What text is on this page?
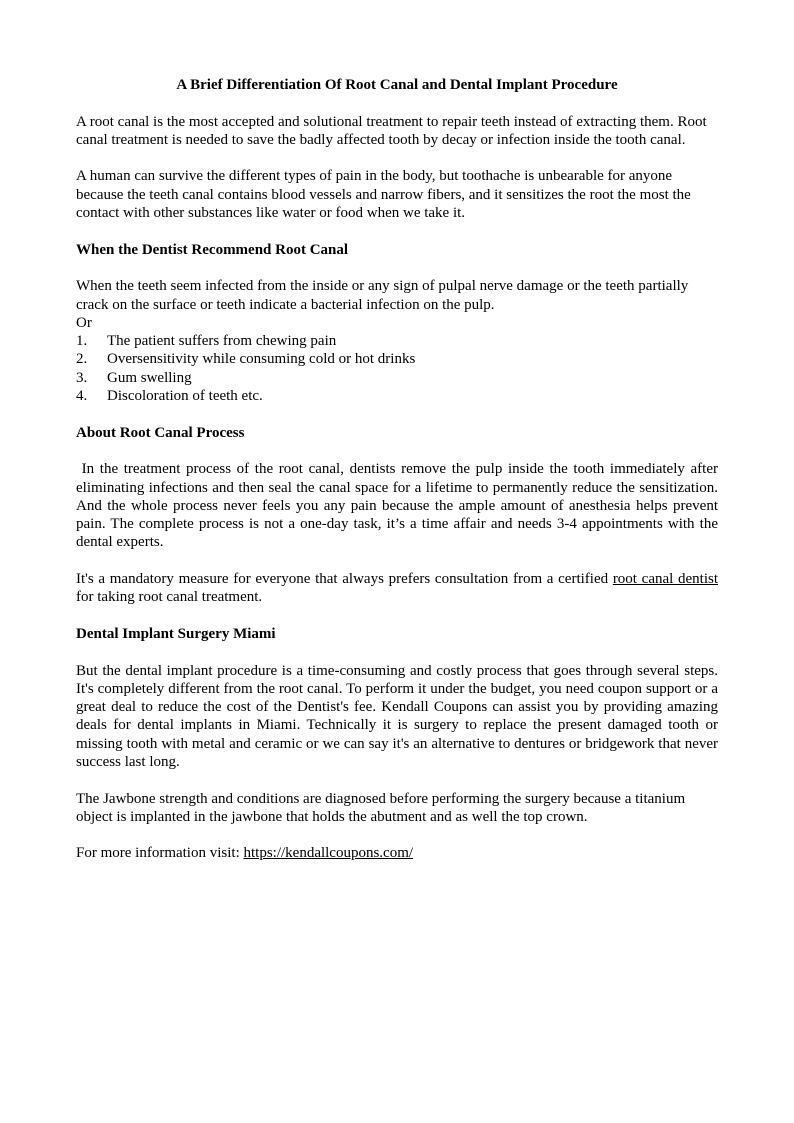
A Brief Differentiation Of Root Canal and Dental Implant Procedure

A root canal is the most accepted and solutional treatment to repair teeth instead of extracting them. Root canal treatment is needed to save the badly affected tooth by decay or infection inside the tooth canal.

A human can survive the different types of pain in the body, but toothache is unbearable for anyone because the teeth canal contains blood vessels and narrow fibers, and it sensitizes the root the most the contact with other substances like water or food when we take it.

When the Dentist Recommend Root Canal

When the teeth seem infected from the inside or any sign of pulpal nerve damage or the teeth partially crack on the surface or teeth indicate a bacterial infection on the pulp.

Or

1.	The patient suffers from chewing pain
2.	Oversensitivity while consuming cold or hot drinks
3.	Gum swelling
4.	Discoloration of teeth etc.

About Root Canal Process

In the treatment process of the root canal, dentists remove the pulp inside the tooth immediately after eliminating infections and then seal the canal space for a lifetime to permanently reduce the sensitization. And the whole process never feels you any pain because the ample amount of anesthesia helps prevent pain. The complete process is not a one-day task, it’s a time affair and needs 3-4 appointments with the dental experts.

It's a mandatory measure for everyone that always prefers consultation from a certified root canal dentist for taking root canal treatment.

Dental Implant Surgery Miami

But the dental implant procedure is a time-consuming and costly process that goes through several steps. It's completely different from the root canal. To perform it under the budget, you need coupon support or a great deal to reduce the cost of the Dentist's fee. Kendall Coupons can assist you by providing amazing deals for dental implants in Miami. Technically it is surgery to replace the present damaged tooth or missing tooth with metal and ceramic or we can say it's an alternative to dentures or bridgework that never success last long.

The Jawbone strength and conditions are diagnosed before performing the surgery because a titanium object is implanted in the jawbone that holds the abutment and as well the top crown.

For more information visit: https://kendallcoupons.com/
